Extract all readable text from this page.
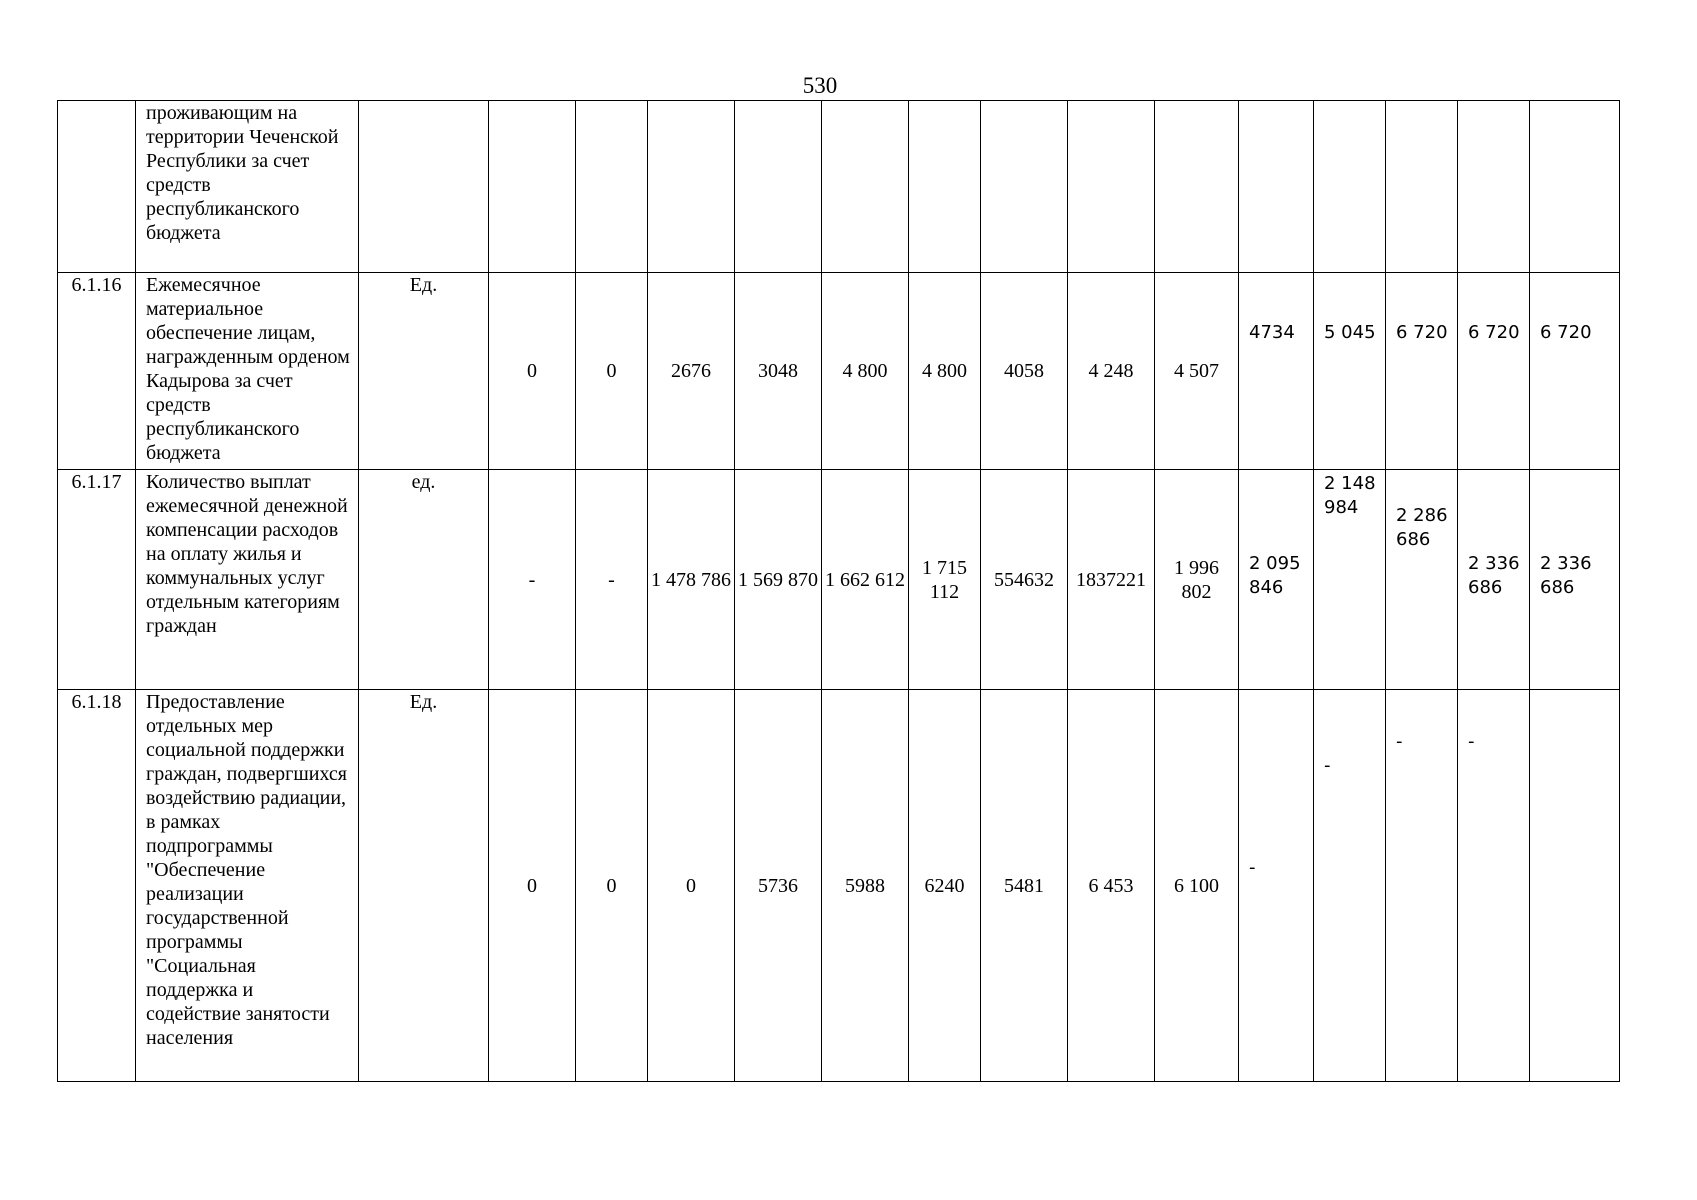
530
	проживающим на территории Чеченской Республики за счет средств республиканского бюджета															
6.1.16	Ежемесячное материальное обеспечение лицам, награжденным орденом Кадырова за счет средств республиканского бюджета	Ед.	0	0	2676	3048	4 800	4 800	4058	4 248	4 507	4734	5 045	6 720	6 720	6 720
6.1.17	Количество выплат ежемесячной денежной компенсации расходов на оплату жилья и коммунальных услуг отдельным категориям граждан	ед.	-	-	1 478 786	1 569 870	1 662 612	1 715 112	554632	1837221	1 996 802	2 095 846	2 148 984	2 286 686	2 336 686	2 336 686
6.1.18	Предоставление отдельных мер социальной поддержки граждан, подвергшихся воздействию радиации, в рамках подпрограммы "Обеспечение реализации государственной программы "Социальная поддержка и содействие занятости населения	Ед.	0	0	0	5736	5988	6240	5481	6 453	6 100	-	-	-	-	
